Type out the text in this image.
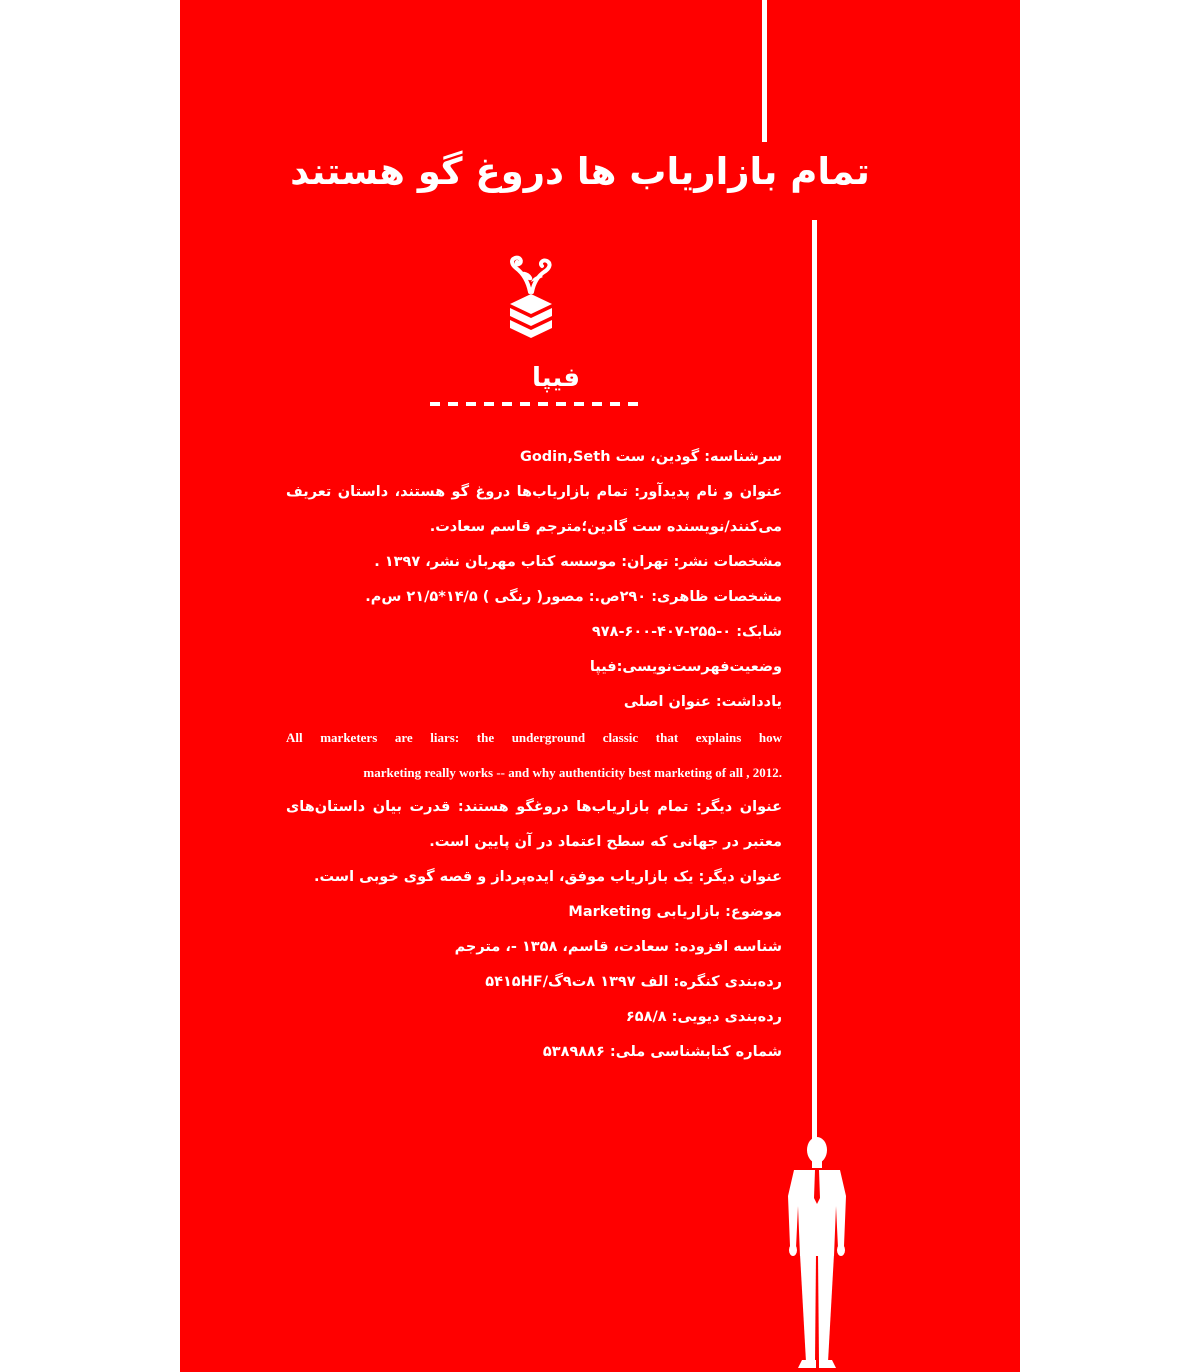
تمام بازاریاب ها دروغ گو هستند
فیپا
سرشناسه: گودین، ست Godin,Seth
عنوان و نام پدیدآور: تمام بازاریاب‌ها دروغ گو هستند، داستان تعریف
می‌کنند/نویسنده ست گادین؛مترجم قاسم سعادت.
مشخصات نشر: تهران: موسسه کتاب مهربان نشر، ۱۳۹۷ .
مشخصات ظاهری: ۲۹۰ص.: مصور( رنگی ) ۱۴/۵*۲۱/۵ س‌م.
شابک: ۰-۲۵۵-۴۰۷-۶۰۰-۹۷۸
وضعیت‌فهرست‌نویسی:فیپا
یادداشت: عنوان اصلی
All marketers are liars: the underground classic that explains how
marketing really works -- and why authenticity best marketing of all , 2012.
عنوان دیگر: تمام بازاریاب‌ها دروغگو هستند: قدرت بیان داستان‌های
معتبر در جهانی که سطح اعتماد در آن پایین است.
عنوان دیگر: یک بازاریاب موفق، ایده‌پرداز و قصه گوی خوبی است.
موضوع: بازاریابی Marketing
شناسه افزوده: سعادت، قاسم، ۱۳۵۸ -، مترجم
رده‌بندی کنگره: الف ۱۳۹۷ ۸ت۹گ/۵۴۱۵HF
رده‌بندی دیویی: ۶۵۸/۸
شماره کتابشناسی ملی: ۵۳۸۹۸۸۶
